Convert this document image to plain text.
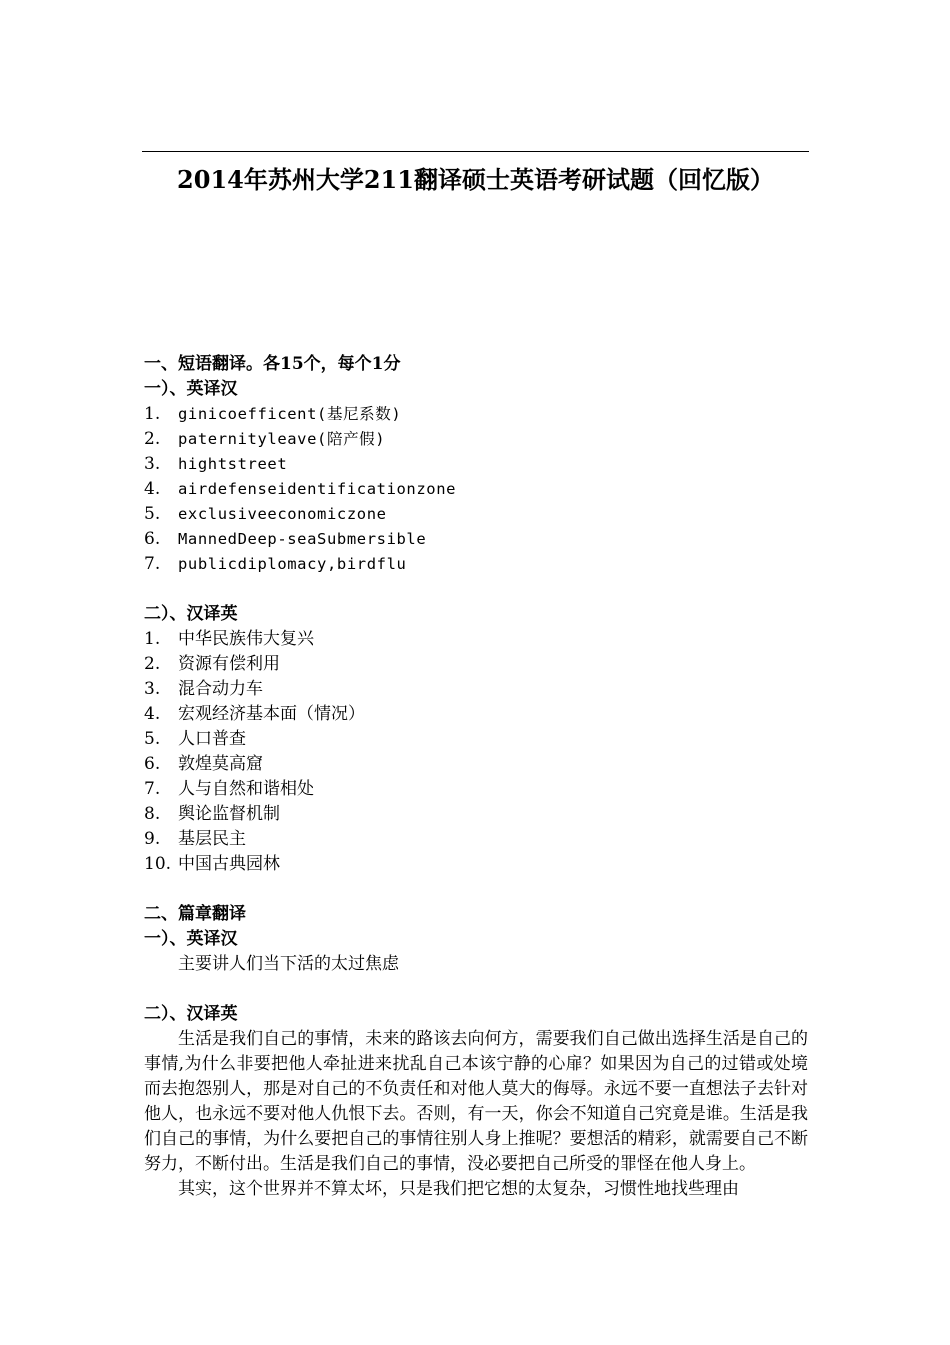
2014年苏州大学211翻译硕士英语考研试题（回忆版）
一、短语翻译。各15个，每个1分
一）、英译汉
1.	ginicoefficent(基尼系数)
2.	paternityleave(陪产假)
3.	hightstreet
4.	airdefenseidentificationzone
5.	exclusiveeconomiczone
6.	MannedDeep-seaSubmersible
7.	publicdiplomacy,birdflu
二）、汉译英
1.	中华民族伟大复兴
2.	资源有偿利用
3.	混合动力车
4.	宏观经济基本面（情况）
5.	人口普查
6.	敦煌莫高窟
7.	人与自然和谐相处
8.	舆论监督机制
9.	基层民主
10. 中国古典园林
二、篇章翻译
一）、英译汉
主要讲人们当下活的太过焦虑
二）、汉译英

生活是我们自己的事情，未来的路该去向何方，需要我们自己做出选择生活是自己的事情,为什么非要把他人牵扯进来扰乱自己本该宁静的心扉？如果因为自己的过错或处境而去抱怨别人，那是对自己的不负责任和对他人莫大的侮辱。永远不要一直想法子去针对他人，也永远不要对他人仇恨下去。否则，有一天，你会不知道自己究竟是谁。生活是我们自己的事情，为什么要把自己的事情往别人身上推呢？要想活的精彩，就需要自己不断努力，不断付出。生活是我们自己的事情，没必要把自己所受的罪怪在他人身上。

其实，这个世界并不算太坏，只是我们把它想的太复杂，习惯性地找些理由
